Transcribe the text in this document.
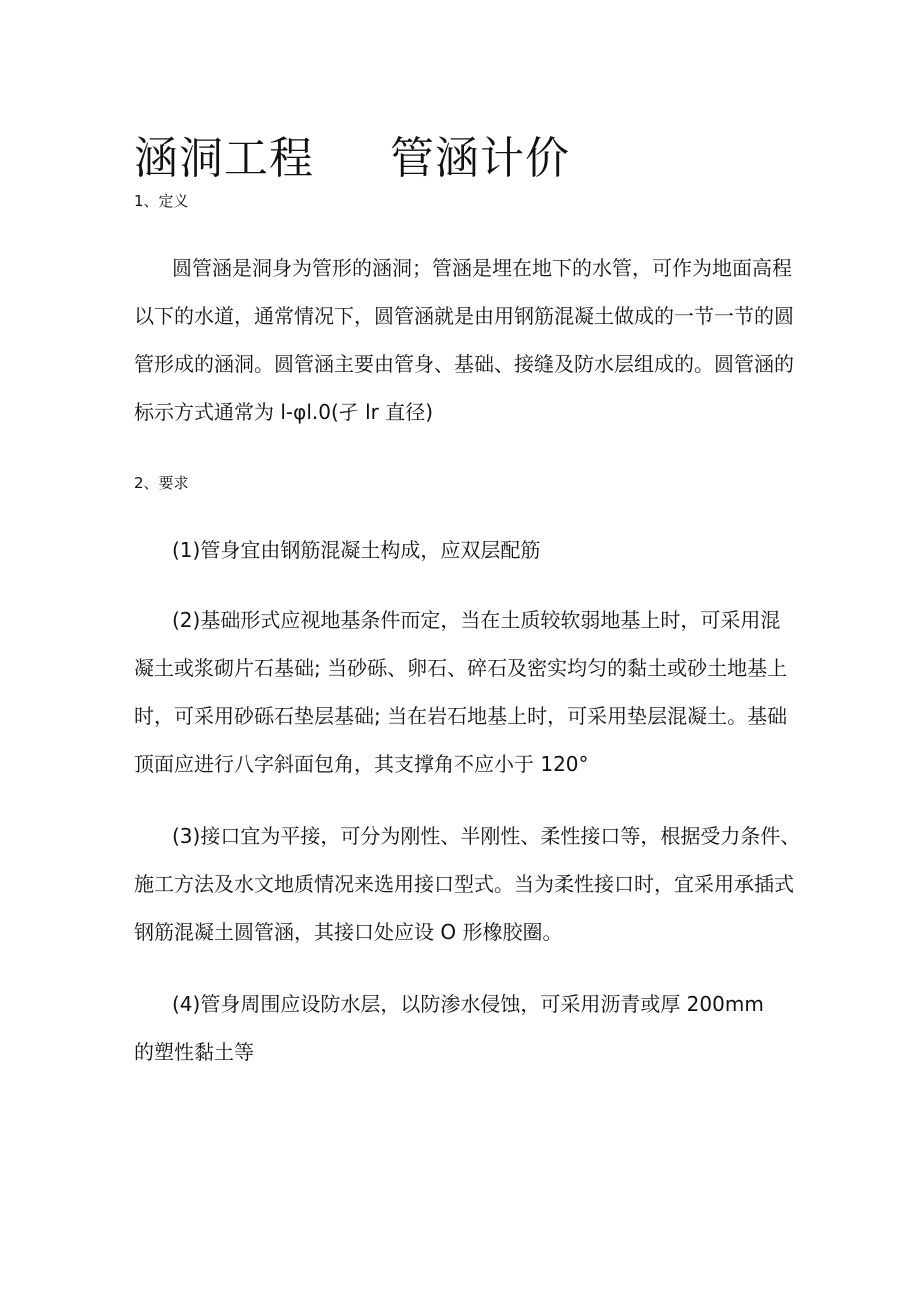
涵洞工程 管涵计价

1、定义

圆管涵是洞身为管形的涵洞；管涵是埋在地下的水管，可作为地面高程
以下的水道，通常情况下，圆管涵就是由用钢筋混凝土做成的一节一节的圆
管形成的涵洞。圆管涵主要由管身、基础、接缝及防水层组成的。圆管涵的
标示方式通常为 l-φl.0(孑 lr 直径)

2、要求

(1)管身宜由钢筋混凝土构成，应双层配筋

(2)基础形式应视地基条件而定，当在土质较软弱地基上时，可采用混
凝土或浆砌片石基础; 当砂砾、卵石、碎石及密实均匀的黏土或砂土地基上
时，可采用砂砾石垫层基础; 当在岩石地基上时，可采用垫层混凝土。基础
顶面应进行八字斜面包角，其支撑角不应小于 120°

(3)接口宜为平接，可分为刚性、半刚性、柔性接口等，根据受力条件、
施工方法及水文地质情况来选用接口型式。当为柔性接口时，宜采用承插式
钢筋混凝土圆管涵，其接口处应设 O 形橡胶圈。

(4)管身周围应设防水层，以防渗水侵蚀，可采用沥青或厚 200mm
的塑性黏土等
